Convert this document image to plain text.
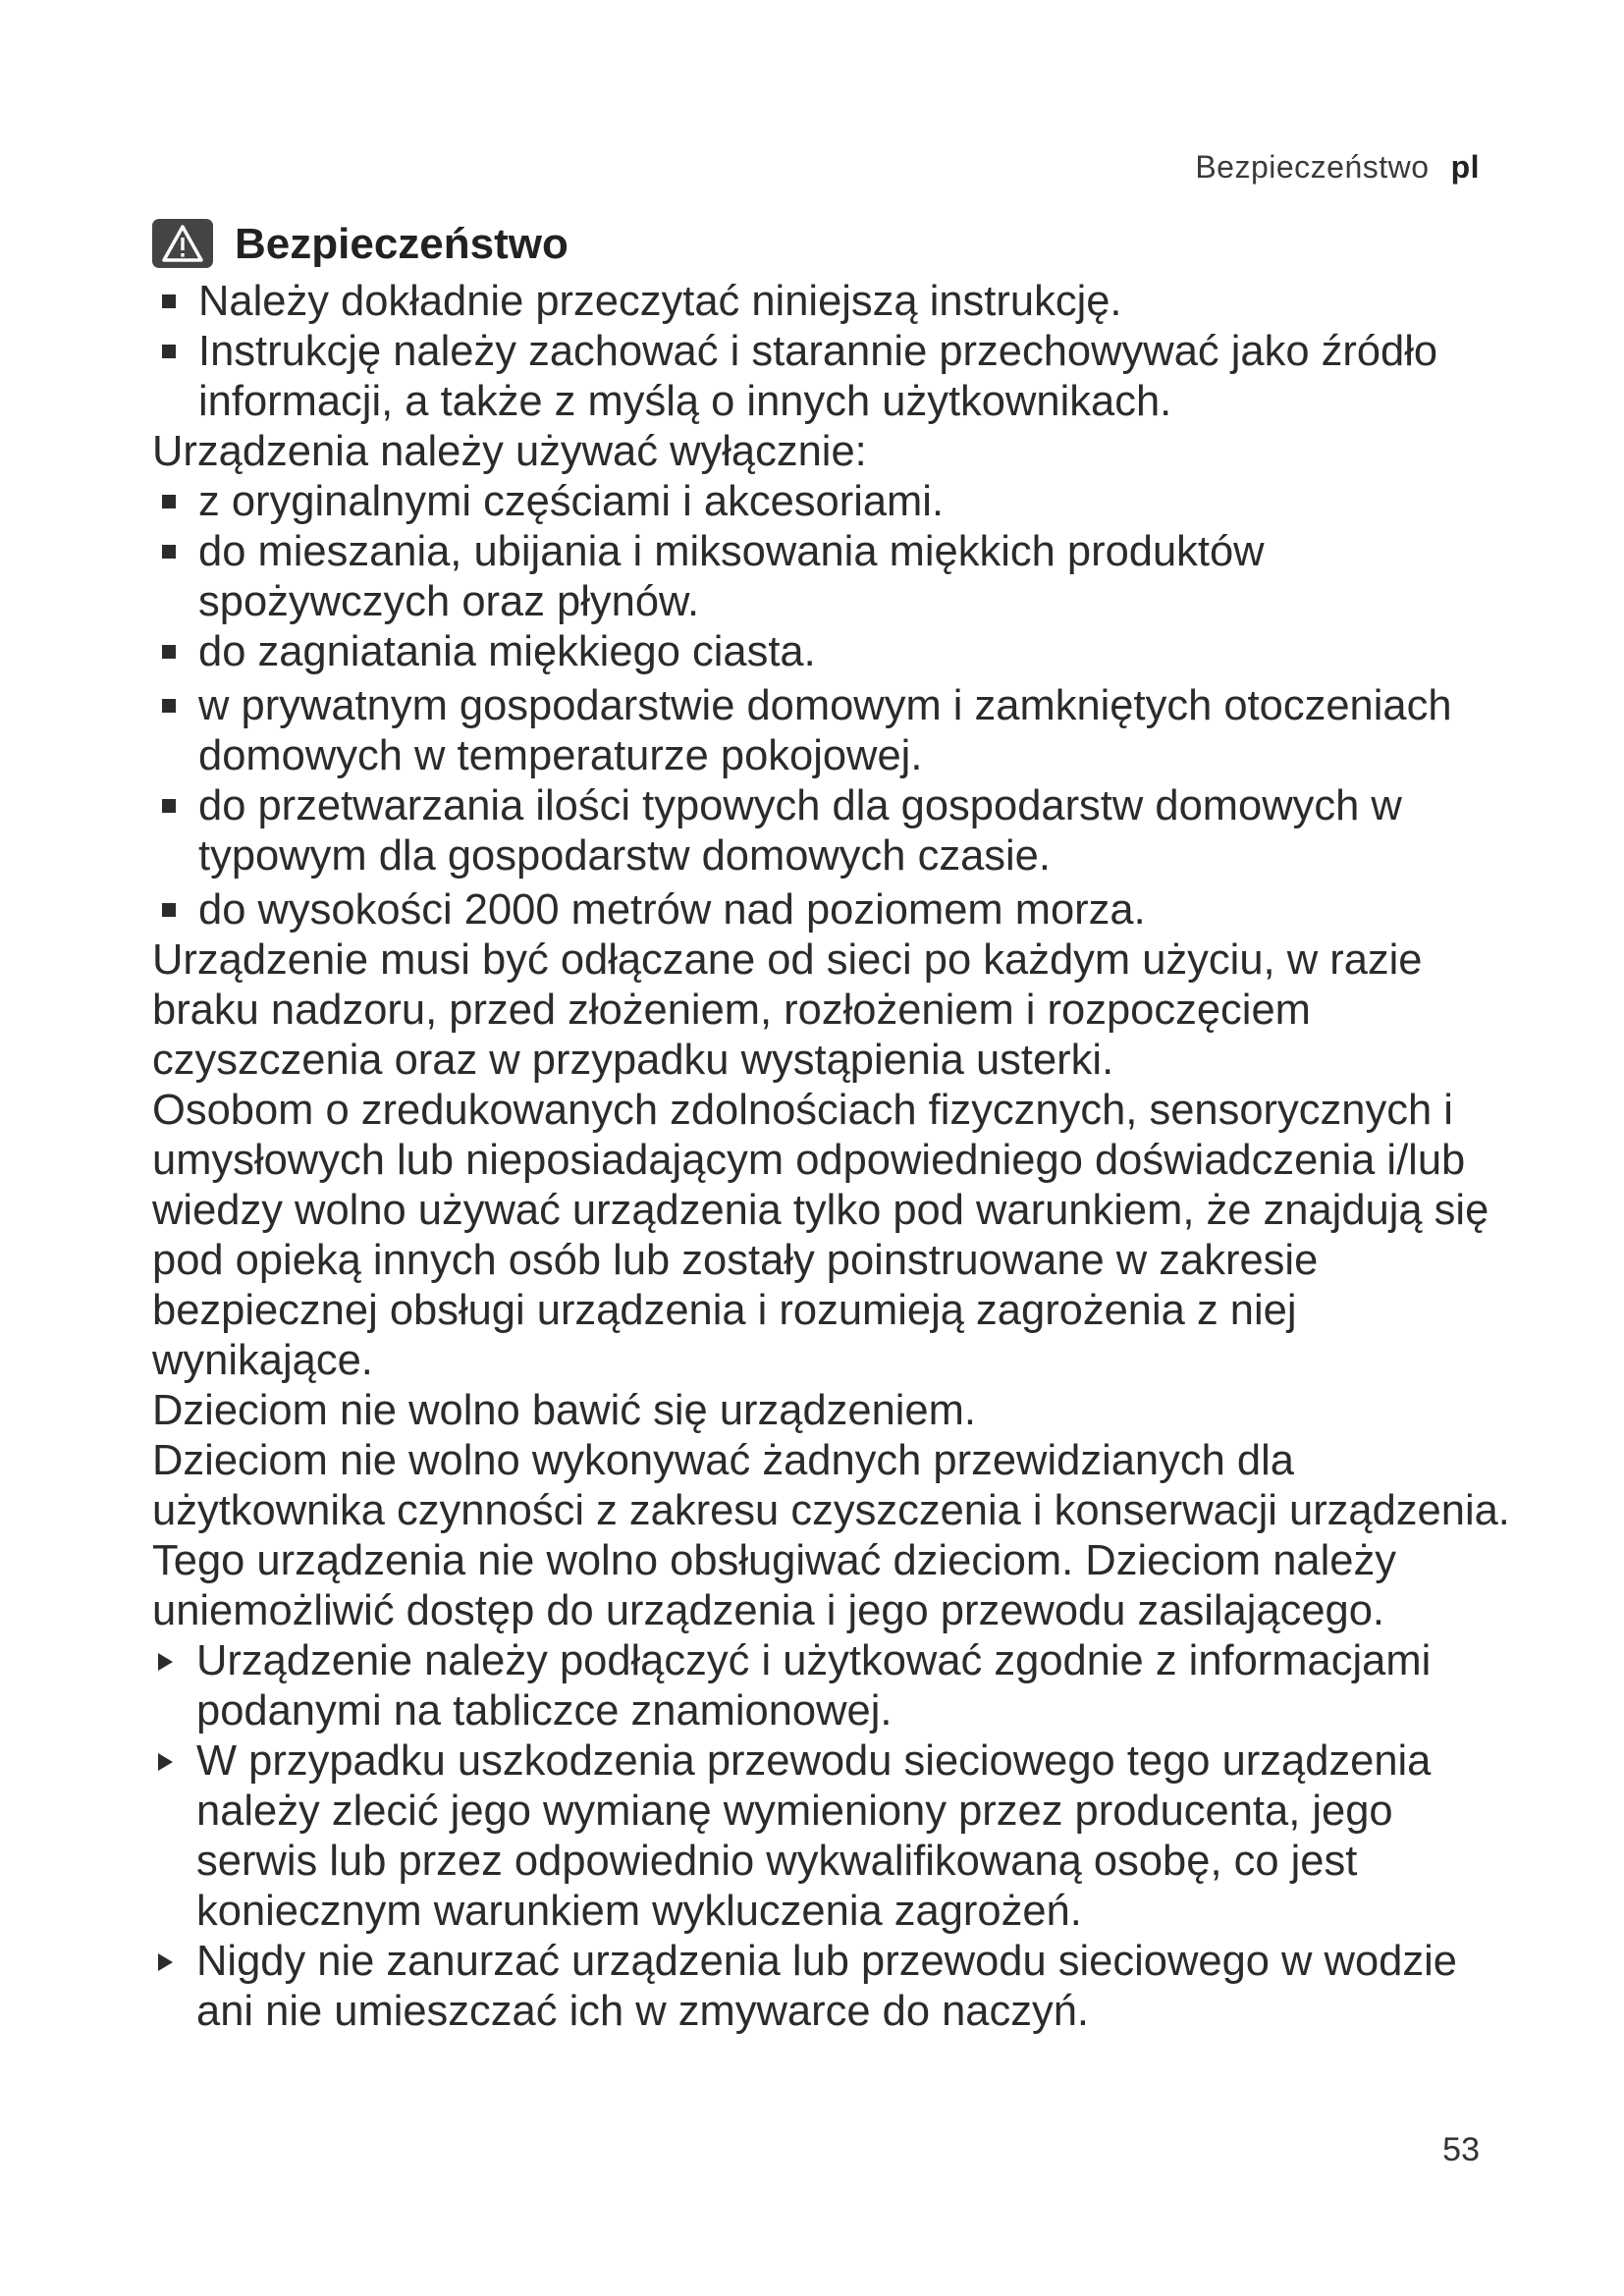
Bezpieczeństwo pl
Bezpieczeństwo

Należy dokładnie przeczytać niniejszą instrukcję.

Instrukcję należy zachować i starannie przechowywać jako źródło informacji, a także z myślą o innych użytkownikach.

Urządzenia należy używać wyłącznie:

z oryginalnymi częściami i akcesoriami.

do mieszania, ubijania i miksowania miękkich produktów spożywczych oraz płynów.

do zagniatania miękkiego ciasta.

w prywatnym gospodarstwie domowym i zamkniętych otoczeniach domowych w temperaturze pokojowej.

do przetwarzania ilości typowych dla gospodarstw domowych w typowym dla gospodarstw domowych czasie.

do wysokości 2000 metrów nad poziomem morza.

Urządzenie musi być odłączane od sieci po każdym użyciu, w razie braku nadzoru, przed złożeniem, rozłożeniem i rozpoczęciem czyszczenia oraz w przypadku wystąpienia usterki.

Osobom o zredukowanych zdolnościach fizycznych, sensorycznych i umysłowych lub nieposiadającym odpowiedniego doświadczenia i/lub wiedzy wolno używać urządzenia tylko pod warunkiem, że znajdują się pod opieką innych osób lub zostały poinstruowane w zakresie bezpiecznej obsługi urządzenia i rozumieją zagrożenia z niej wynikające.

Dzieciom nie wolno bawić się urządzeniem.

Dzieciom nie wolno wykonywać żadnych przewidzianych dla użytkownika czynności z zakresu czyszczenia i konserwacji urządzenia. Tego urządzenia nie wolno obsługiwać dzieciom. Dzieciom należy uniemożliwić dostęp do urządzenia i jego przewodu zasilającego.

Urządzenie należy podłączyć i użytkować zgodnie z informacjami podanymi na tabliczce znamionowej.

W przypadku uszkodzenia przewodu sieciowego tego urządzenia należy zlecić jego wymianę wymieniony przez producenta, jego serwis lub przez odpowiednio wykwalifikowaną osobę, co jest koniecznym warunkiem wykluczenia zagrożeń.

Nigdy nie zanurzać urządzenia lub przewodu sieciowego w wodzie ani nie umieszczać ich w zmywarce do naczyń.

53
